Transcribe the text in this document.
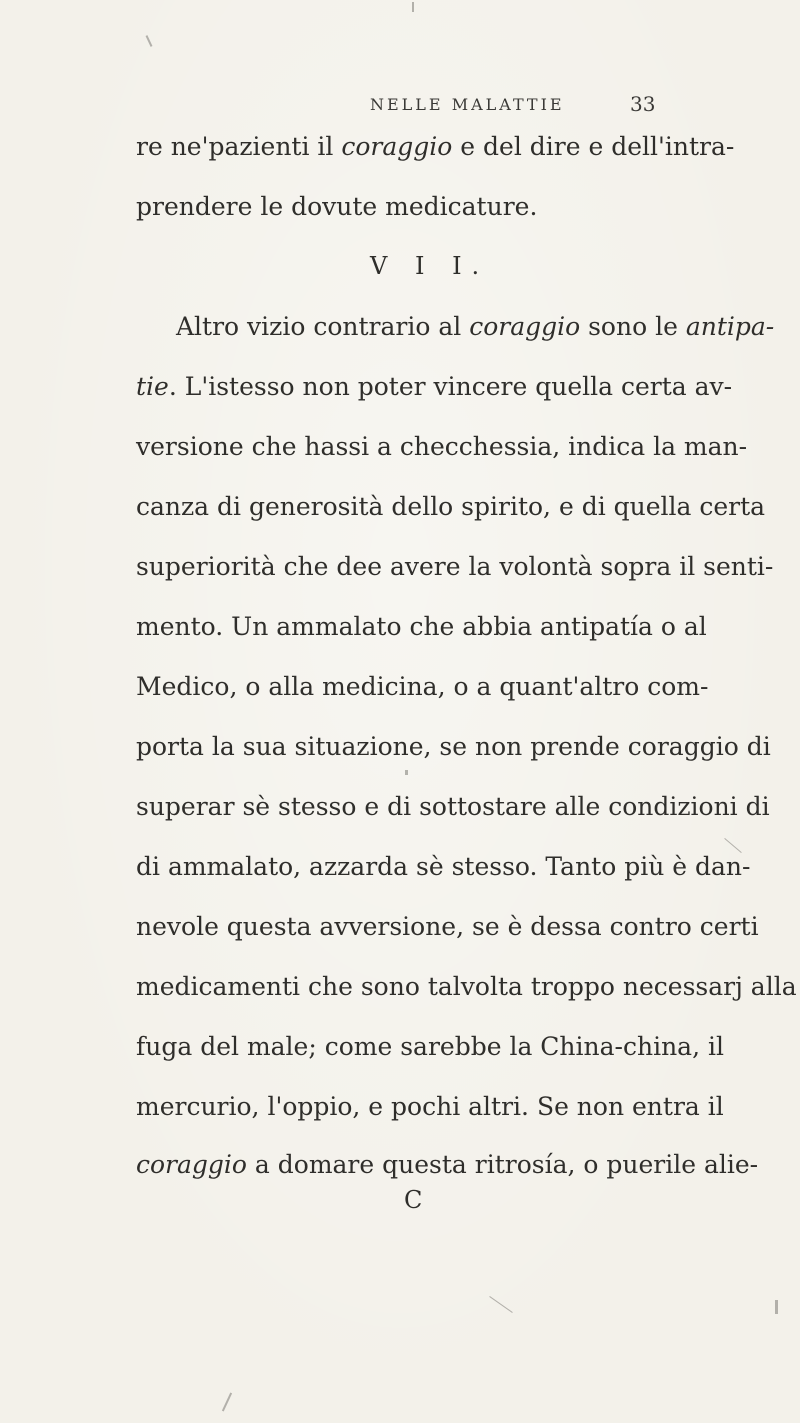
NELLE MALATTIE	33
re ne'pazienti il coraggio e del dire e dell'intra-
prendere le dovute medicature.
V I I.
Altro vizio contrario al coraggio sono le antipa-
tie. L'istesso non poter vincere quella certa av-
versione che hassi a checchessia, indica la man-
canza di generosità dello spirito, e di quella certa
superiorità che dee avere la volontà sopra il senti-
mento. Un ammalato che abbia antipatía o al
Medico, o alla medicina, o a quant'altro com-
porta la sua situazione, se non prende coraggio di
superar sè stesso e di sottostare alle condizioni di
di ammalato, azzarda sè stesso. Tanto più è dan-
nevole questa avversione, se è dessa contro certi
medicamenti che sono talvolta troppo necessarj alla
fuga del male; come sarebbe la China-china, il
mercurio, l'oppio, e pochi altri. Se non entra il
coraggio a domare questa ritrosía, o puerile alie-
C
